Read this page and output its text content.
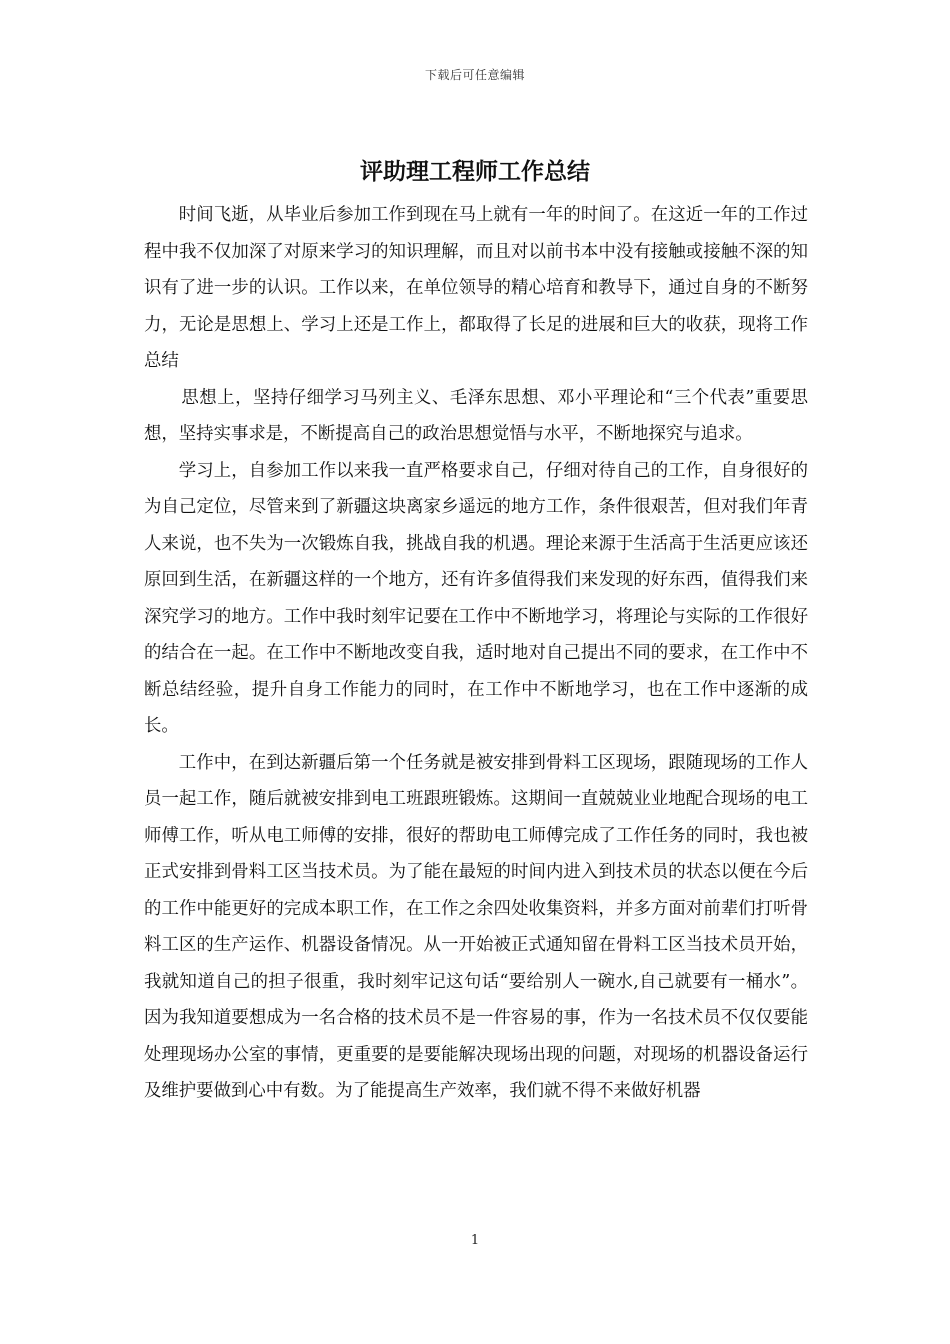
下载后可任意编辑
评助理工程师工作总结

时间飞逝，从毕业后参加工作到现在马上就有一年的时间了。在这近一年的工作过程中我不仅加深了对原来学习的知识理解，而且对以前书本中没有接触或接触不深的知识有了进一步的认识。工作以来，在单位领导的精心培育和教导下，通过自身的不断努力，无论是思想上、学习上还是工作上，都取得了长足的进展和巨大的收获，现将工作总结

思想上，坚持仔细学习马列主义、毛泽东思想、邓小平理论和“三个代表”重要思想，坚持实事求是，不断提高自己的政治思想觉悟与水平，不断地探究与追求。

学习上，自参加工作以来我一直严格要求自己，仔细对待自己的工作，自身很好的为自己定位，尽管来到了新疆这块离家乡遥远的地方工作，条件很艰苦，但对我们年青人来说，也不失为一次锻炼自我，挑战自我的机遇。理论来源于生活高于生活更应该还原回到生活，在新疆这样的一个地方，还有许多值得我们来发现的好东西，值得我们来深究学习的地方。工作中我时刻牢记要在工作中不断地学习，将理论与实际的工作很好的结合在一起。在工作中不断地改变自我，适时地对自己提出不同的要求，在工作中不断总结经验，提升自身工作能力的同时，在工作中不断地学习，也在工作中逐渐的成长。

工作中，在到达新疆后第一个任务就是被安排到骨料工区现场，跟随现场的工作人员一起工作，随后就被安排到电工班跟班锻炼。这期间一直兢兢业业地配合现场的电工师傅工作，听从电工师傅的安排，很好的帮助电工师傅完成了工作任务的同时，我也被正式安排到骨料工区当技术员。为了能在最短的时间内进入到技术员的状态以便在今后的工作中能更好的完成本职工作，在工作之余四处收集资料，并多方面对前辈们打听骨料工区的生产运作、机器设备情况。从一开始被正式通知留在骨料工区当技术员开始，我就知道自己的担子很重，我时刻牢记这句话“要给别人一碗水,自己就要有一桶水”。因为我知道要想成为一名合格的技术员不是一件容易的事，作为一名技术员不仅仅要能处理现场办公室的事情，更重要的是要能解决现场出现的问题，对现场的机器设备运行及维护要做到心中有数。为了能提高生产效率，我们就不得不来做好机器

1
